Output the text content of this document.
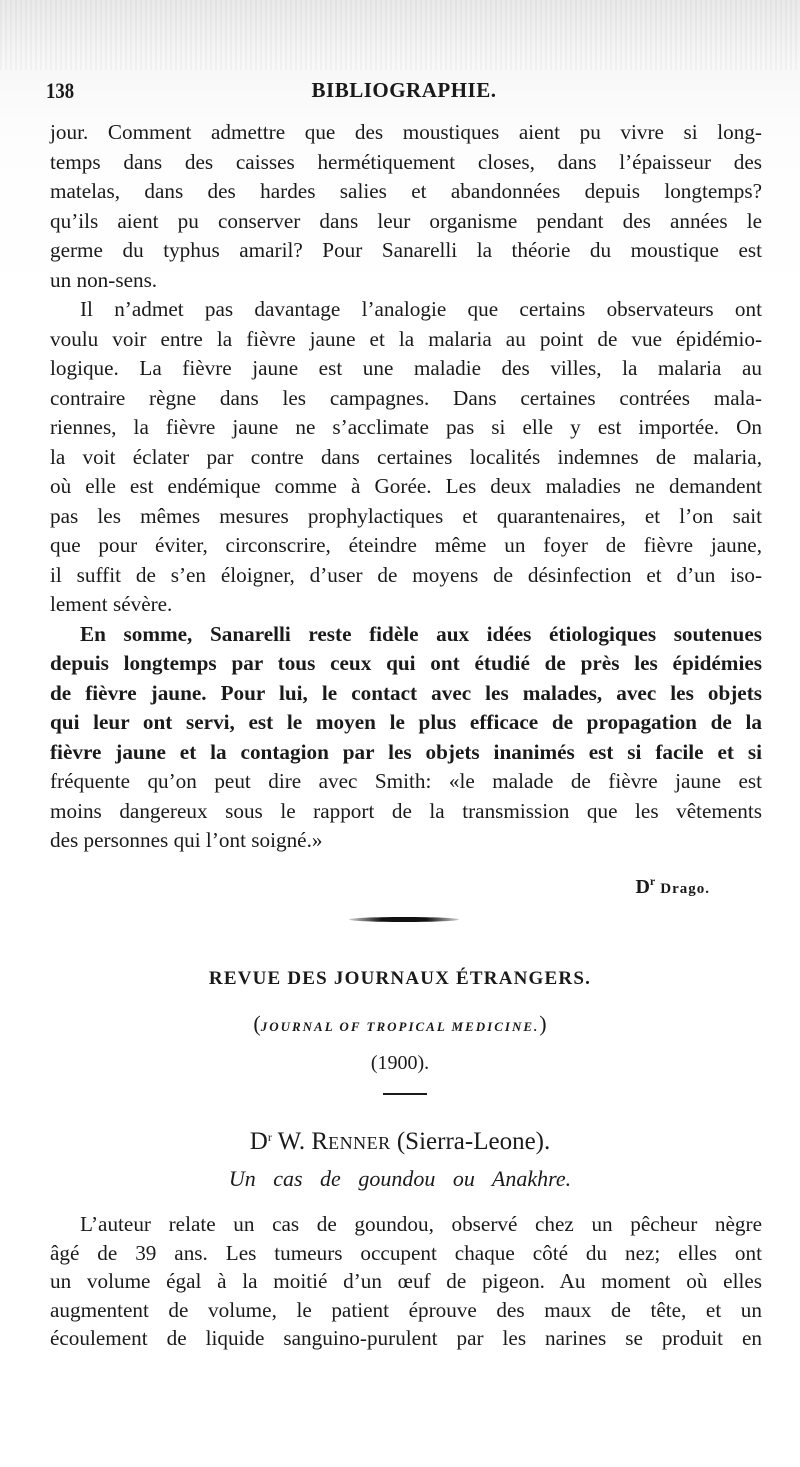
138	BIBLIOGRAPHIE.
jour. Comment admettre que des moustiques aient pu vivre si long-
temps dans des caisses hermétiquement closes, dans l’épaisseur des
matelas, dans des hardes salies et abandonnées depuis longtemps?
qu’ils aient pu conserver dans leur organisme pendant des années le
germe du typhus amaril? Pour Sanarelli la théorie du moustique est
un non-sens.
Il n’admet pas davantage l’analogie que certains observateurs ont
voulu voir entre la fièvre jaune et la malaria au point de vue épidémio-
logique. La fièvre jaune est une maladie des villes, la malaria au
contraire règne dans les campagnes. Dans certaines contrées mala-
riennes, la fièvre jaune ne s’acclimate pas si elle y est importée. On
la voit éclater par contre dans certaines localités indemnes de malaria,
où elle est endémique comme à Gorée. Les deux maladies ne demandent
pas les mêmes mesures prophylactiques et quarantenaires, et l’on sait
que pour éviter, circonscrire, éteindre même un foyer de fièvre jaune,
il suffit de s’en éloigner, d’user de moyens de désinfection et d’un iso-
lement sévère.
En somme, Sanarelli reste fidèle aux idées étiologiques soutenues
depuis longtemps par tous ceux qui ont étudié de près les épidémies
de fièvre jaune. Pour lui, le contact avec les malades, avec les objets
qui leur ont servi, est le moyen le plus efficace de propagation de la
fièvre jaune et la contagion par les objets inanimés est si facile et si
fréquente qu’on peut dire avec Smith: «le malade de fièvre jaune est
moins dangereux sous le rapport de la transmission que les vêtements
des personnes qui l’ont soigné.»
$D^r$ Drago.
REVUE DES JOURNAUX ÉTRANGERS.
(JOURNAL OF TROPICAL MEDICINE.)
(1900).
$D^r$ W. RENNER (Sierra-Leone).
Un cas de goundou ou Anakhre.
L’auteur relate un cas de goundou, observé chez un pêcheur nègre
âgé de 39 ans. Les tumeurs occupent chaque côté du nez; elles ont
un volume égal à la moitié d’un œuf de pigeon. Au moment où elles
augmentent de volume, le patient éprouve des maux de tête, et un
écoulement de liquide sanguino-purulent par les narines se produit en
